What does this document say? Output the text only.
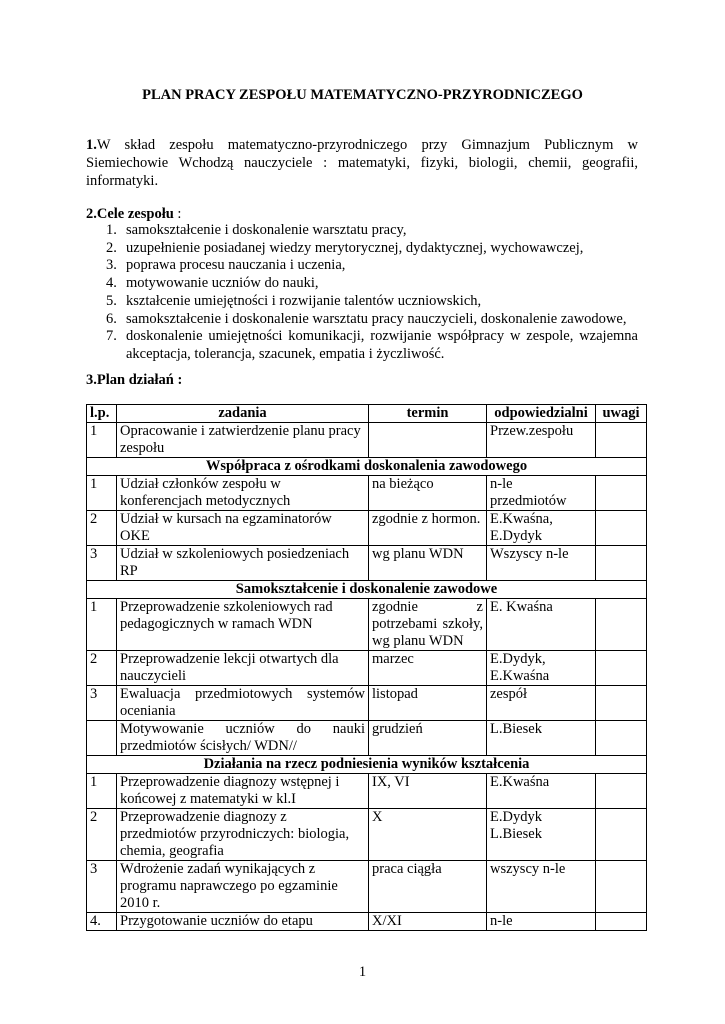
PLAN PRACY ZESPOŁU MATEMATYCZNO-PRZYRODNICZEGO
1.W skład zespołu matematyczno-przyrodniczego przy Gimnazjum Publicznym w Siemiechowie Wchodzą nauczyciele : matematyki, fizyki, biologii, chemii, geografii, informatyki.
2.Cele zespołu :
1. samokształcenie i doskonalenie warsztatu pracy,
2. uzupełnienie posiadanej wiedzy merytorycznej, dydaktycznej, wychowawczej,
3. poprawa procesu nauczania i uczenia,
4. motywowanie uczniów do nauki,
5. kształcenie umiejętności i rozwijanie talentów uczniowskich,
6. samokształcenie i doskonalenie warsztatu pracy nauczycieli, doskonalenie zawodowe,
7. doskonalenie umiejętności komunikacji, rozwijanie współpracy w zespole, wzajemna akceptacja, tolerancja, szacunek, empatia i życzliwość.
3.Plan działań :
l.p.	zadania	termin	odpowiedzialni	uwagi
1	Opracowanie i zatwierdzenie planu pracy zespołu		Przew.zespołu	
Współpraca z ośrodkami doskonalenia zawodowego				
1	Udział członków zespołu w konferencjach metodycznych	na bieżąco	n-le przedmiotów	
2	Udział w kursach na egzaminatorów OKE	zgodnie z hormon.	E.Kwaśna, E.Dydyk	
3	Udział w szkoleniowych posiedzeniach RP	wg planu WDN	Wszyscy n-le	
Samokształcenie i doskonalenie zawodowe				
1	Przeprowadzenie szkoleniowych rad pedagogicznych w ramach WDN	zgodnie z potrzebami szkoły, wg planu WDN	E. Kwaśna	
2	Przeprowadzenie lekcji otwartych dla nauczycieli	marzec	E.Dydyk, E.Kwaśna	
3	Ewaluacja przedmiotowych systemów oceniania	listopad	zespół	
	Motywowanie uczniów do nauki przedmiotów ścisłych/ WDN//	grudzień	L.Biesek	
Działania na rzecz podniesienia wyników kształcenia				
1	Przeprowadzenie diagnozy wstępnej i końcowej z matematyki w kl.I	IX, VI	E.Kwaśna	
2	Przeprowadzenie diagnozy z przedmiotów przyrodniczych: biologia, chemia, geografia	X	E.Dydyk L.Biesek	
3	Wdrożenie zadań wynikających z programu naprawczego po egzaminie 2010 r.	praca ciągła	wszyscy n-le	
4.	Przygotowanie uczniów do etapu	X/XI	n-le	
1
